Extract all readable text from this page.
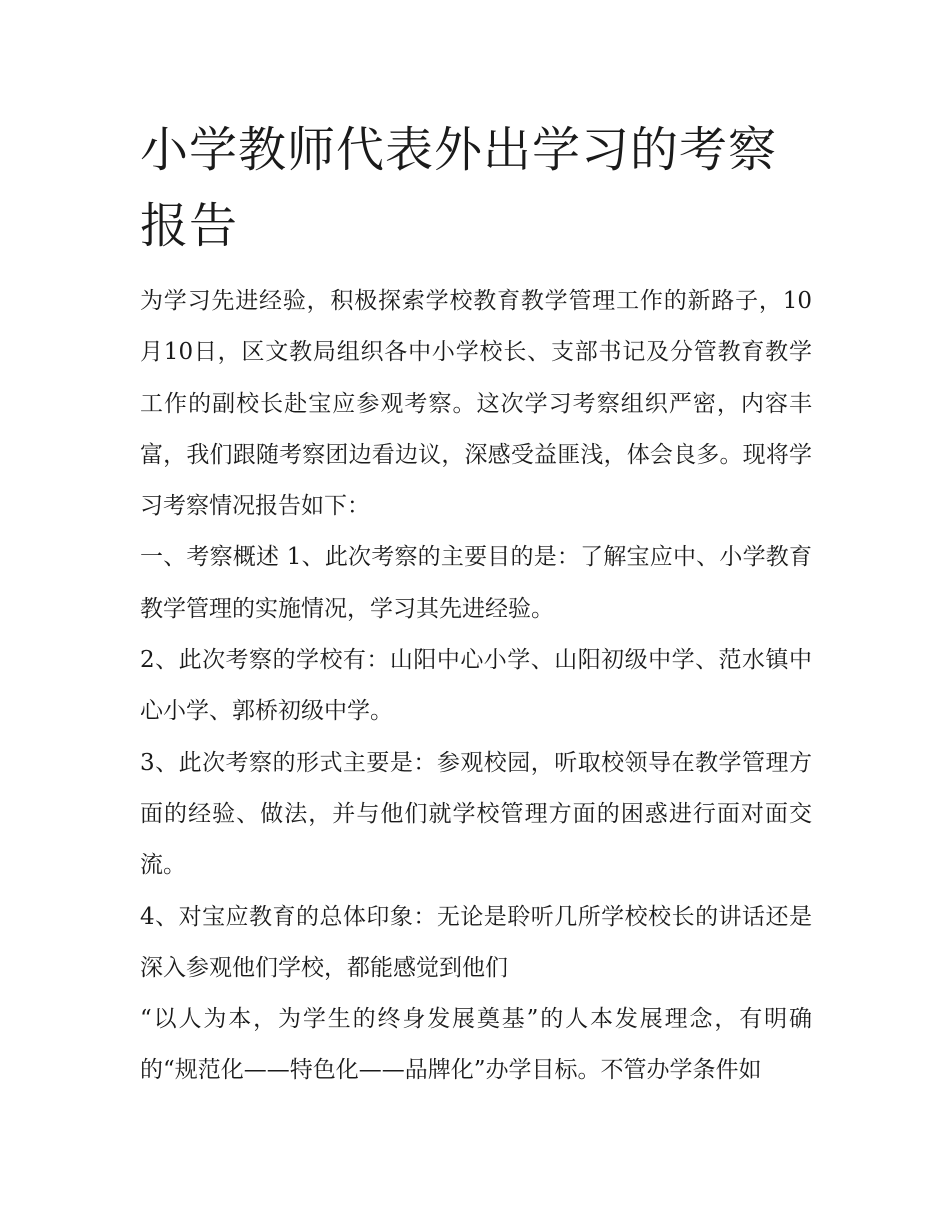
小学教师代表外出学习的考察报告

为学习先进经验，积极探索学校教育教学管理工作的新路子，10月10日，区文教局组织各中小学校长、支部书记及分管教育教学工作的副校长赴宝应参观考察。这次学习考察组织严密，内容丰富，我们跟随考察团边看边议，深感受益匪浅，体会良多。现将学习考察情况报告如下：

一、考察概述 1、此次考察的主要目的是：了解宝应中、小学教育教学管理的实施情况，学习其先进经验。

2、此次考察的学校有：山阳中心小学、山阳初级中学、范水镇中心小学、郭桥初级中学。

3、此次考察的形式主要是：参观校园，听取校领导在教学管理方面的经验、做法，并与他们就学校管理方面的困惑进行面对面交流。

4、对宝应教育的总体印象：无论是聆听几所学校校长的讲话还是深入参观他们学校，都能感觉到他们

“以人为本，为学生的终身发展奠基”的人本发展理念，有明确的“规范化——特色化——品牌化”办学目标。不管办学条件如
